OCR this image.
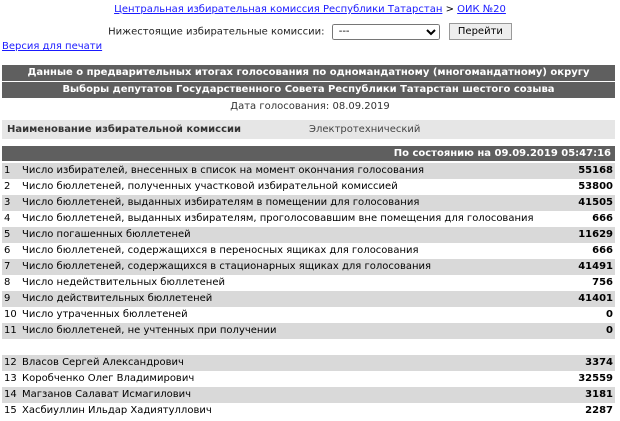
Центральная избирательная комиссия Республики Татарстан > ОИК №20
Нижестоящие избирательные комиссии:
---	Перейти
Версия для печати
Данные о предварительных итогах голосования по одномандатному (многомандатному) округу
Выборы депутатов Государственного Совета Республики Татарстан шестого созыва
Дата голосования: 08.09.2019
Наименование избирательной комиссии	Электротехнический
По состоянию на 09.09.2019 05:47:16
1	Число избирателей, внесенных в список на момент окончания голосования	55168
2	Число бюллетеней, полученных участковой избирательной комиссией	53800
3	Число бюллетеней, выданных избирателям в помещении для голосования	41505
4	Число бюллетеней, выданных избирателям, проголосовавшим вне помещения для голосования	666
5	Число погашенных бюллетеней	11629
6	Число бюллетеней, содержащихся в переносных ящиках для голосования	666
7	Число бюллетеней, содержащихся в стационарных ящиках для голосования	41491
8	Число недействительных бюллетеней	756
9	Число действительных бюллетеней	41401
10 Число утраченных бюллетеней	0
11 Число бюллетеней, не учтенных при получении	0
12 Власов Сергей Александрович	3374
13 Коробченко Олег Владимирович	32559
14 Магзанов Салават Исмагилович	3181
15 Хасбиуллин Ильдар Хадиятуллович	2287
